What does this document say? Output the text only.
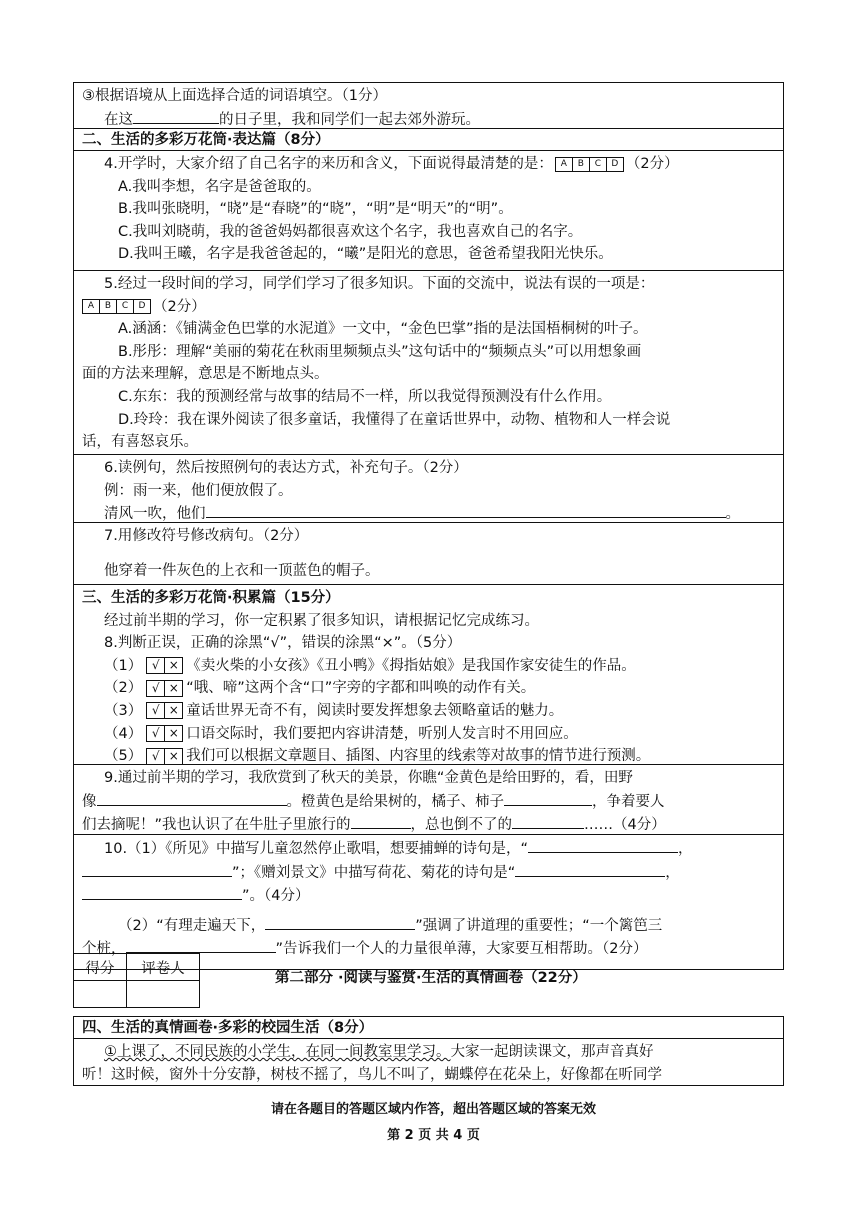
③根据语境从上面选择合适的词语填空。（1分）
在这	的日子里，我和同学们一起去郊外游玩。
二、生活的多彩万花筒·表达篇（8分）
4.开学时，大家介绍了自己名字的来历和含义，下面说得最清楚的是： A	B	C	D （2分）
A.我叫李想，名字是爸爸取的。
B.我叫张晓明，“晓”是“春晓”的“晓”，“明”是“明天”的“明”。
C.我叫刘晓萌，我的爸爸妈妈都很喜欢这个名字，我也喜欢自己的名字。
D.我叫王曦，名字是我爸爸起的，“曦”是阳光的意思，爸爸希望我阳光快乐。
5.经过一段时间的学习，同学们学习了很多知识。下面的交流中，说法有误的一项是：
A	B	C	D （2分）
A.涵涵：《铺满金色巴掌的水泥道》一文中，“金色巴掌”指的是法国梧桐树的叶子。
B.彤彤：理解“美丽的菊花在秋雨里频频点头”这句话中的“频频点头”可以用想象画
面的方法来理解，意思是不断地点头。
C.东东：我的预测经常与故事的结局不一样，所以我觉得预测没有什么作用。
D.玲玲：我在课外阅读了很多童话，我懂得了在童话世界中，动物、植物和人一样会说
话，有喜怒哀乐。
6.读例句，然后按照例句的表达方式，补充句子。（2分）
例：雨一来，他们便放假了。
清风一吹，他们	。
7.用修改符号修改病句。（2分）
他穿着一件灰色的上衣和一顶蓝色的帽子。
三、生活的多彩万花筒·积累篇（15分）
经过前半期的学习，你一定积累了很多知识，请根据记忆完成练习。
8.判断正误，正确的涂黑“√”，错误的涂黑“×”。（5分）
（1） √ × 《卖火柴的小女孩》《丑小鸭》《拇指姑娘》是我国作家安徒生的作品。
（2） √ × “哦、啼”这两个含“口”字旁的字都和叫唤的动作有关。
（3） √ × 童话世界无奇不有，阅读时要发挥想象去领略童话的魅力。
（4） √ × 口语交际时，我们要把内容讲清楚，听别人发言时不用回应。
（5） √ × 我们可以根据文章题目、插图、内容里的线索等对故事的情节进行预测。
9.通过前半期的学习，我欣赏到了秋天的美景，你瞧“金黄色是给田野的，看，田野
像	。橙黄色是给果树的，橘子、柿子	，争着要人
们去摘呢！”我也认识了在牛肚子里旅行的	，总也倒不了的	……（4分）
10.（1）《所见》中描写儿童忽然停止歌唱，想要捕蝉的诗句是，“	，
”；《赠刘景文》中描写荷花、菊花的诗句是“	，
”。（4分）
（2）“有理走遍天下，	”强调了讲道理的重要性；“一个篱笆三
个桩，	”告诉我们一个人的力量很单薄，大家要互相帮助。（2分）
得分	评卷人

第二部分 ·阅读与鉴赏·生活的真情画卷（22分）
四、生活的真情画卷·多彩的校园生活（8分）
①上课了，不同民族的小学生，在同一间教室里学习。大家一起朗读课文，那声音真好
听！这时候，窗外十分安静，树枝不摇了，鸟儿不叫了，蝴蝶停在花朵上，好像都在听同学
请在各题目的答题区域内作答，超出答题区域的答案无效
第 2 页 共 4 页
